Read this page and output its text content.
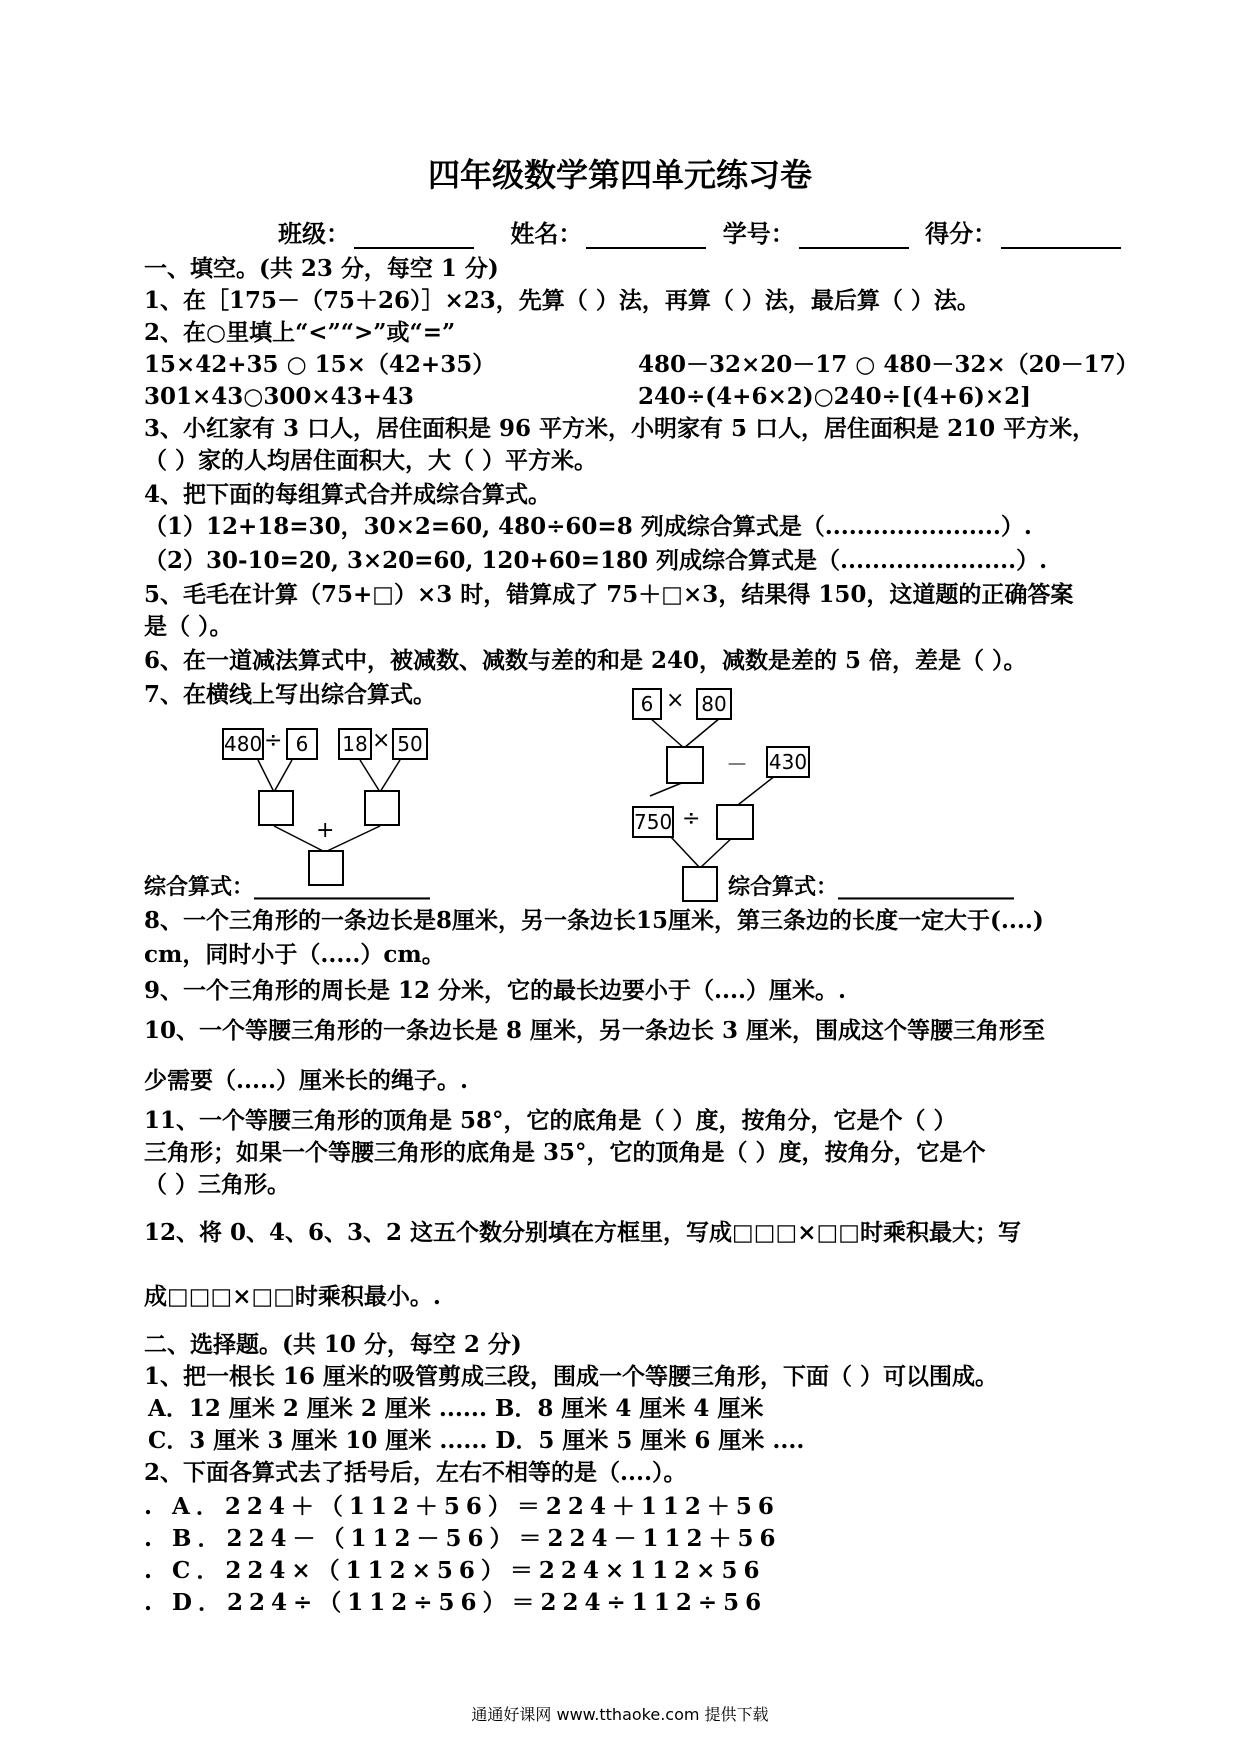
四年级数学第四单元练习卷
班级：	姓名：	学号：	得分：
一、填空。(共 23 分，每空 1 分)
1、在［175－（75＋26）］×23，先算（ ）法，再算（ ）法，最后算（ ）法。
2、在○里填上“<”“>”或“=”
15×42+35 ○ 15×（42+35）	480－32×20－17 ○ 480－32×（20－17）
301×43○300×43+43	240÷(4+6×2)○240÷[(4+6)×2]
3、小红家有 3 口人，居住面积是 96 平方米，小明家有 5 口人，居住面积是 210 平方米，
（ ）家的人均居住面积大，大（ ）平方米。
4、把下面的每组算式合并成综合算式。
（1）12+18=30，30×2=60, 480÷60=8 列成综合算式是（......................）.
（2）30-10=20, 3×20=60, 120+60=180 列成综合算式是（......................）.
5、毛毛在计算（75+□）×3 时，错算成了 75＋□×3，结果得 150，这道题的正确答案
是（ ）。
6、在一道减法算式中，被减数、减数与差的和是 240，减数是差的 5 倍，差是（ ）。
7、在横线上写出综合算式。
480 ÷ 6	18 × 50
+
6 × 80
－ 430
750 ÷
综合算式：________________	综合算式：________________
8、一个三角形的一条边长是8厘米，另一条边长15厘米，第三条边的长度一定大于(....)
cm，同时小于（.....）cm。
9、一个三角形的周长是 12 分米，它的最长边要小于（....）厘米。.
10、一个等腰三角形的一条边长是 8 厘米，另一条边长 3 厘米，围成这个等腰三角形至
少需要（.....）厘米长的绳子。.
11、一个等腰三角形的顶角是 58°，它的底角是（ ）度，按角分，它是个（ ）
三角形；如果一个等腰三角形的底角是 35°，它的顶角是（ ）度，按角分，它是个
（ ）三角形。
12、将 0、4、6、3、2 这五个数分别填在方框里，写成□□□×□□时乘积最大；写
成□□□×□□时乘积最小。.
二、选择题。(共 10 分，每空 2 分)
1、把一根长 16 厘米的吸管剪成三段，围成一个等腰三角形，下面（ ）可以围成。
A．12 厘米 2 厘米 2 厘米 ...... B．8 厘米 4 厘米 4 厘米
C．3 厘米 3 厘米 10 厘米 ...... D．5 厘米 5 厘米 6 厘米 ....
2、下面各算式去了括号后，左右不相等的是（....）。
. A．224＋（112＋56）＝224＋112＋56
. B．224－（112－56）＝224－112＋56
. C．224×（112×56）＝224×112×56
. D．224÷（112÷56）＝224÷112÷56
通通好课网 www.tthaoke.com 提供下载
